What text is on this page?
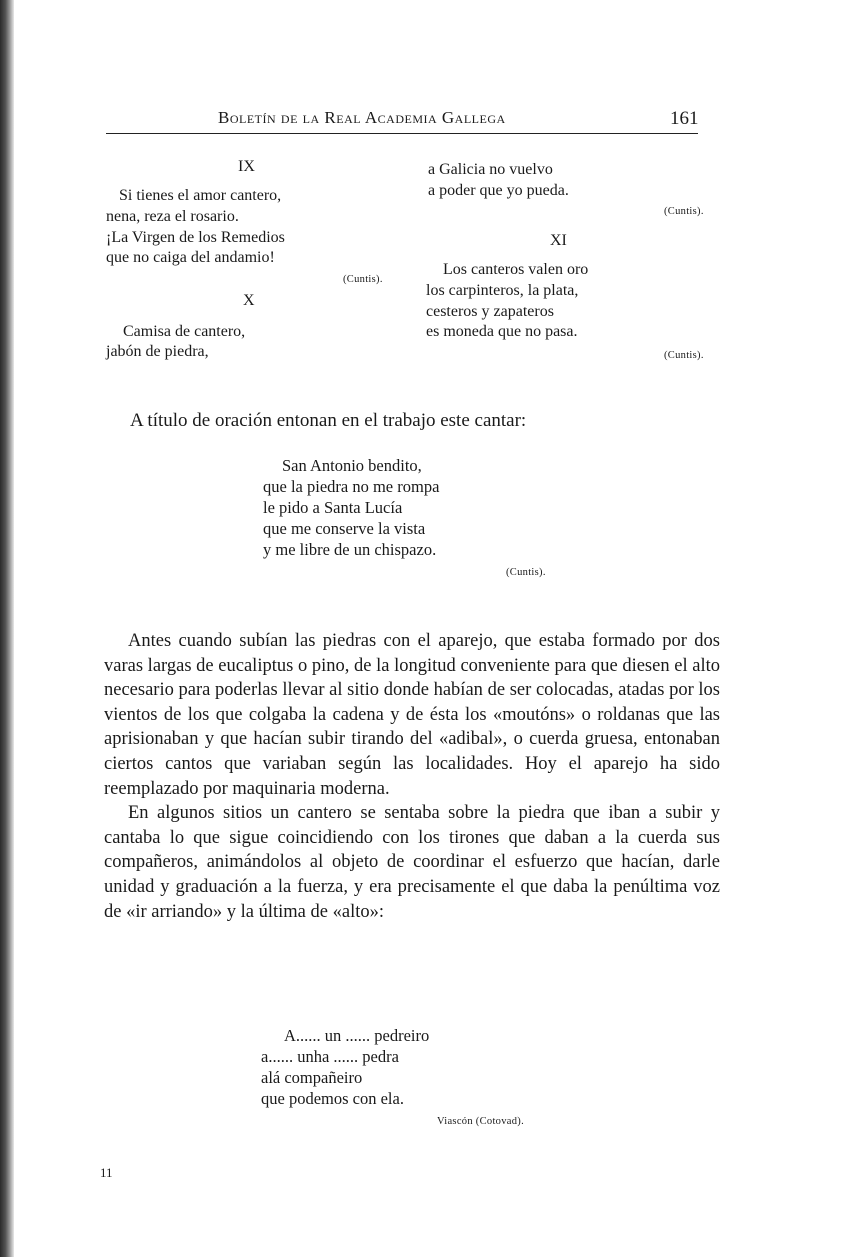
Boletín de la Real Academia Gallega	161
IX
Si tienes el amor cantero,
nena, reza el rosario.
¡La Virgen de los Remedios
que no caiga del andamio!
(Cuntis).
X
Camisa de cantero,
jabón de piedra,
a Galicia no vuelvo
a poder que yo pueda.
(Cuntis).
XI
Los canteros valen oro
los carpinteros, la plata,
cesteros y zapateros
es moneda que no pasa.
(Cuntis).
A título de oración entonan en el trabajo este cantar:
San Antonio bendito,
que la piedra no me rompa
le pido a Santa Lucía
que me conserve la vista
y me libre de un chispazo.
(Cuntis).

Antes cuando subían las piedras con el aparejo, que estaba formado por dos varas largas de eucaliptus o pino, de la longitud conveniente para que diesen el alto necesario para poderlas llevar al sitio donde habían de ser colocadas, atadas por los vientos de los que colgaba la cadena y de ésta los «moutóns» o roldanas que las aprisionaban y que hacían subir tirando del «adibal», o cuerda gruesa, entonaban ciertos cantos que variaban según las localidades. Hoy el aparejo ha sido reemplazado por maquinaria moderna.

En algunos sitios un cantero se sentaba sobre la piedra que iban a subir y cantaba lo que sigue coincidiendo con los tirones que daban a la cuerda sus compañeros, animándolos al objeto de coordinar el esfuerzo que hacían, darle unidad y graduación a la fuerza, y era precisamente el que daba la penúltima voz de «ir arriando» y la última de «alto»:

A...... un ...... pedreiro
a...... unha ...... pedra
alá compañeiro
que podemos con ela.
Viascón (Cotovad).
11
